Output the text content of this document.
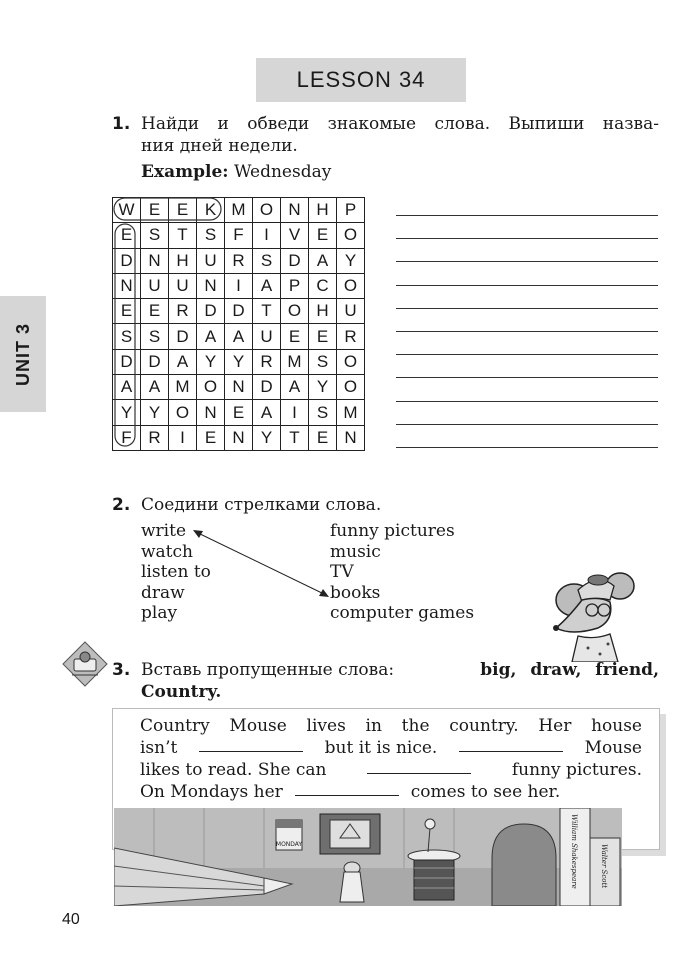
LESSON 34
UNIT 3
1. Найди и обведи знакомые слова. Выпиши назва-
ния дней недели.
Example: Wednesday
W	E	E	K	M	O	N	H	P
E	S	T	S	F	I	V	E	O
D	N	H	U	R	S	D	A	Y
N	U	U	N	I	A	P	C	O
E	E	R	D	D	T	O	H	U
S	S	D	A	A	U	E	E	R
D	D	A	Y	Y	R	M	S	O
A	A	M	O	N	D	A	Y	O
Y	Y	O	N	E	A	I	S	M
F	R	I	E	N	Y	T	E	N
2. Соедини стрелками слова.
write
watch
listen to
draw
play
funny pictures
music
TV
books
computer games
3. Вставь пропущенные слова:	big, draw, friend,
Country.
Country Mouse lives in the country. Her house
isn’t	but it is nice.	Mouse
likes to read. She can	funny pictures.
On Mondays her	comes to see her.
MONDAY	William Shakespeare	Walter Scott
40
